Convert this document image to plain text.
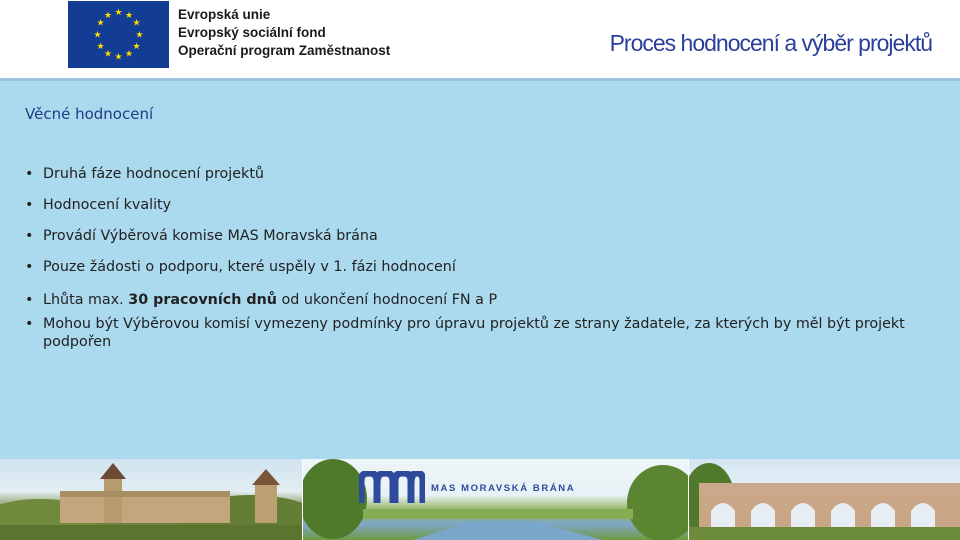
★ ★
★
★
★
★
★
★
★
★
★
★	Evropská unie
Evropský sociální fond
Operační program Zaměstnanost	Proces hodnocení a výběr projektů
Věcné hodnocení
• Druhá fáze hodnocení projektů
• Hodnocení kvality
• Provádí Výběrová komise MAS Moravská brána
• Pouze žádosti o podporu, které uspěly v 1. fázi hodnocení
• Lhůta max. 30 pracovních dnů od ukončení hodnocení FN a P
• Mohou být Výběrovou komisí vymezeny podmínky pro úpravu projektů ze strany žadatele, za kterých by měl být projekt podpořen
MAS MORAVSKÁ BRÁNA
